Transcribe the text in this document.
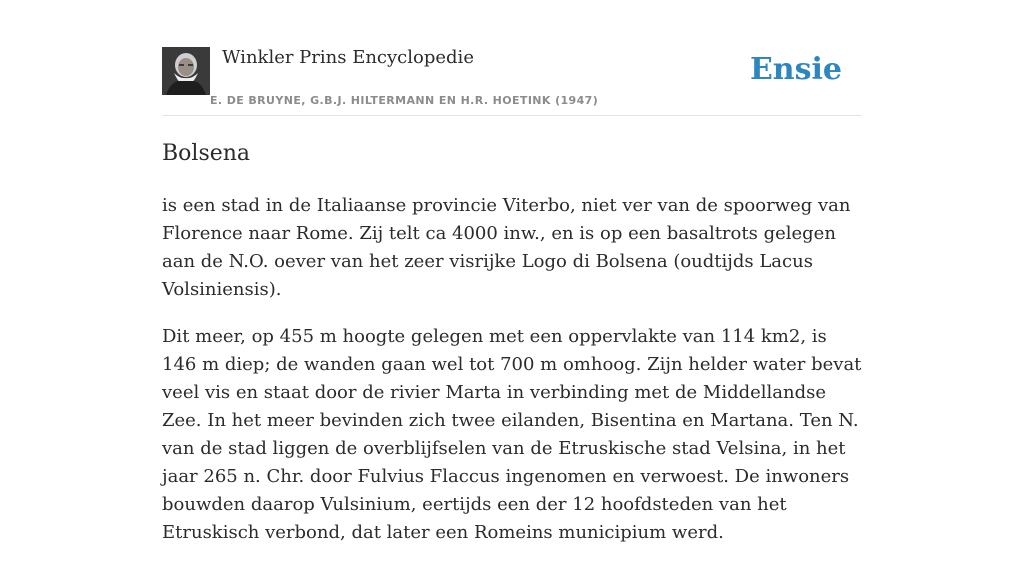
Winkler Prins Encyclopedie
E. DE BRUYNE, G.B.J. HILTERMANN EN H.R. HOETINK (1947)
Ensie
Bolsena

is een stad in de Italiaanse provincie Viterbo, niet ver van de spoorweg van Florence naar Rome. Zij telt ca 4000 inw., en is op een basaltrots gelegen aan de N.O. oever van het zeer visrijke Logo di Bolsena (oudtijds Lacus Volsiniensis).

Dit meer, op 455 m hoogte gelegen met een oppervlakte van 114 km2, is 146 m diep; de wanden gaan wel tot 700 m omhoog. Zijn helder water bevat veel vis en staat door de rivier Marta in verbinding met de Middellandse Zee. In het meer bevinden zich twee eilanden, Bisentina en Martana. Ten N. van de stad liggen de overblijfselen van de Etruskische stad Velsina, in het jaar 265 n. Chr. door Fulvius Flaccus ingenomen en verwoest. De inwoners bouwden daarop Vulsinium, eertijds een der 12 hoofdsteden van het Etruskisch verbond, dat later een Romeins municipium werd.
